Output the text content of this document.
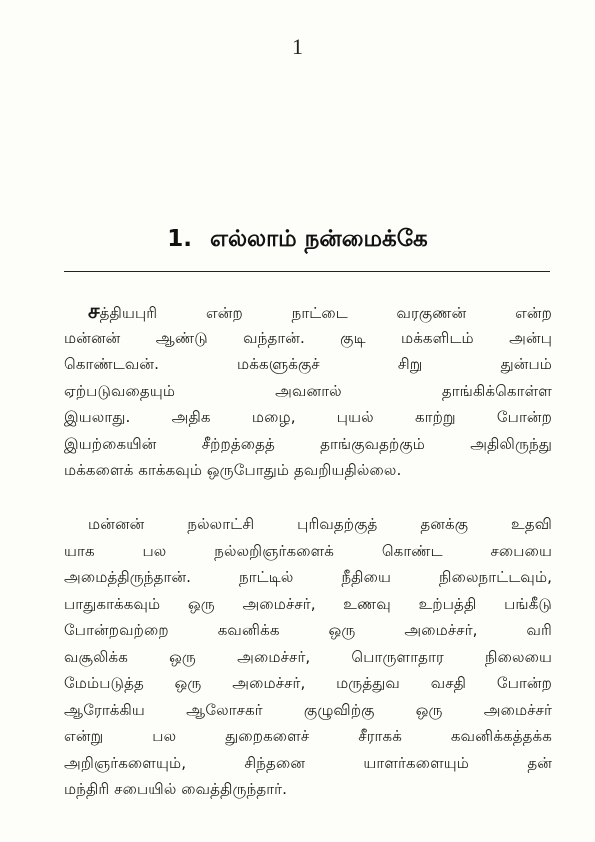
1
1. எல்லாம் நன்மைக்கே
சத்தியபுரி என்ற நாட்டை வரகுணன் என்ற
மன்னன் ஆண்டு வந்தான். குடி மக்களிடம் அன்பு
கொண்டவன். மக்களுக்குச் சிறு துன்பம்
ஏற்படுவதையும் அவனால் தாங்கிக்கொள்ள
இயலாது. அதிக மழை, புயல் காற்று போன்ற
இயற்கையின் சீற்றத்தைத் தாங்குவதற்கும் அதிலிருந்து
மக்களைக் காக்கவும் ஒருபோதும் தவறியதில்லை.
மன்னன் நல்லாட்சி புரிவதற்குத் தனக்கு உதவி
யாக பல நல்லறிஞர்களைக் கொண்ட சபையை
அமைத்திருந்தான். நாட்டில் நீதியை நிலைநாட்டவும்,
பாதுகாக்கவும் ஒரு அமைச்சர், உணவு உற்பத்தி பங்கீடு
போன்றவற்றை கவனிக்க ஒரு அமைச்சர், வரி
வசூலிக்க ஒரு அமைச்சர், பொருளாதார நிலையை
மேம்படுத்த ஒரு அமைச்சர், மருத்துவ வசதி போன்ற
ஆரோக்கிய ஆலோசகர் குழுவிற்கு ஒரு அமைச்சர்
என்று பல துறைகளைச் சீராகக் கவனிக்கத்தக்க
அறிஞர்களையும், சிந்தனை யாளர்களையும் தன்
மந்திரி சபையில் வைத்திருந்தார்.
